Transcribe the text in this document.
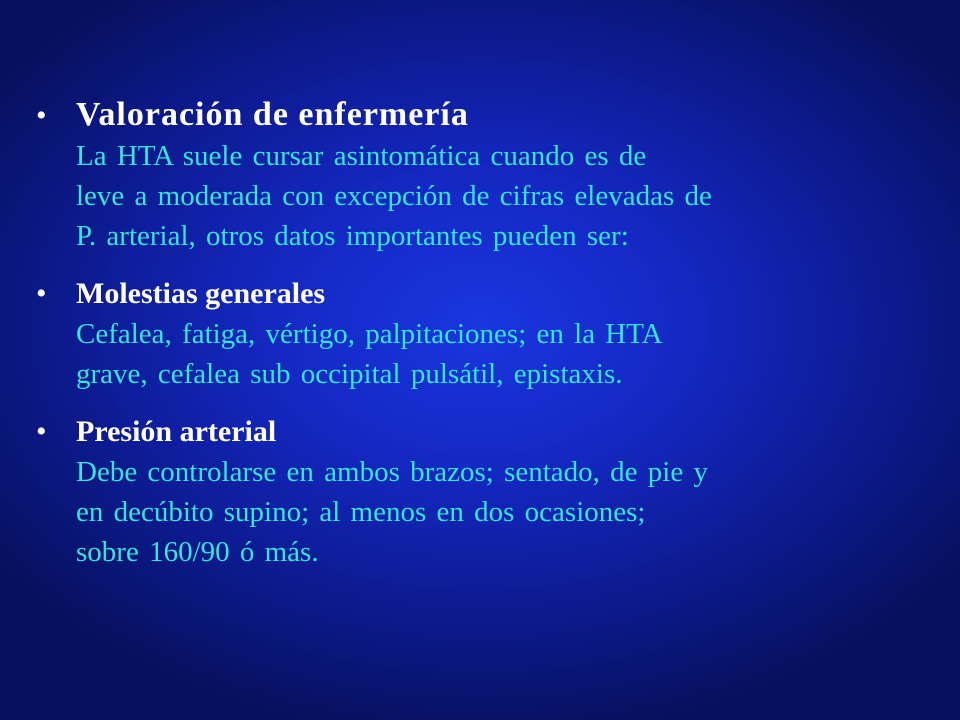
• Valoración de enfermería
La HTA suele cursar asintomática cuando es de
leve a moderada con excepción de cifras elevadas de
P. arterial, otros datos importantes pueden ser:
• Molestias generales
Cefalea, fatiga, vértigo, palpitaciones; en la HTA
grave, cefalea sub occipital pulsátil, epistaxis.
• Presión arterial
Debe controlarse en ambos brazos; sentado, de pie y
en decúbito supino; al menos en dos ocasiones;
sobre 160/90 ó más.
